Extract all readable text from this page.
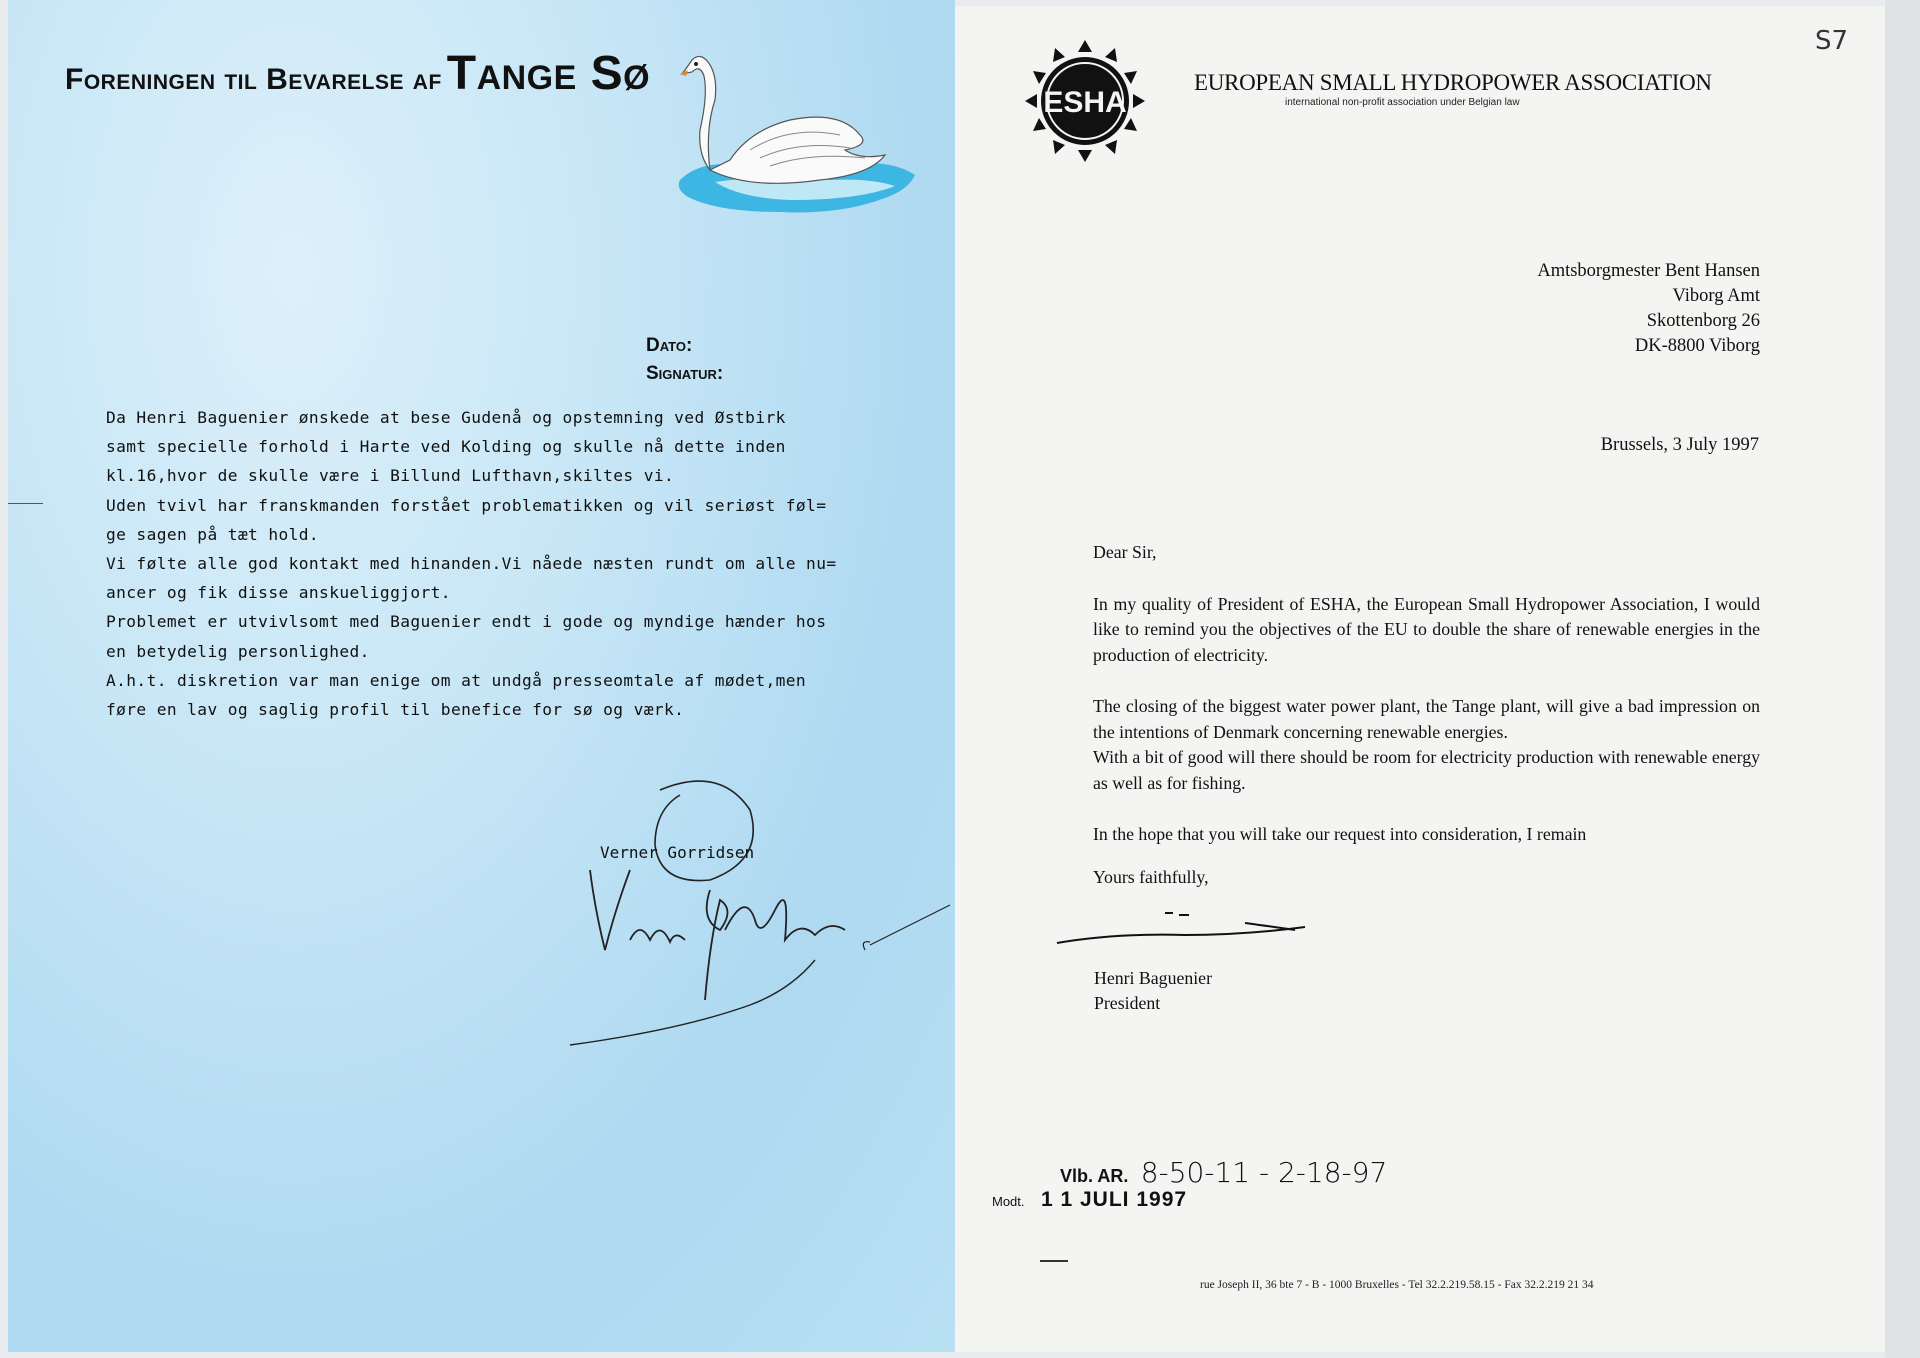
Foreningen til Bevarelse af Tange Sø
Dato:
Signatur:

Da Henri Baguenier ønskede at bese Gudenå og opstemning ved Østbirk

samt specielle forhold i Harte ved Kolding og skulle nå dette inden

kl.16,hvor de skulle være i Billund Lufthavn,skiltes vi.

Uden tvivl har franskmanden forstået problematikken og vil seriøst føl=

ge sagen på tæt hold.

Vi følte alle god kontakt med hinanden.Vi nåede næsten rundt om alle nu=

ancer og fik disse anskueliggjort.

Problemet er utvivlsomt med Baguenier endt i gode og myndige hænder hos

en betydelig personlighed.

A.h.t. diskretion var man enige om at undgå presseomtale af mødet,men

føre en lav og saglig profil til benefice for sø og værk.

Verner Gorridsen
ESHA
EUROPEAN SMALL HYDROPOWER ASSOCIATION
international non-profit association under Belgian law
S7
Amtsborgmester Bent Hansen
Viborg Amt
Skottenborg 26
DK-8800 Viborg
Brussels, 3 July 1997

Dear Sir,

In my quality of President of ESHA, the European Small Hydropower Association, I would like to remind you the objectives of the EU to double the share of renewable energies in the production of electricity.

The closing of the biggest water power plant, the Tange plant, will give a bad impression on the intentions of Denmark concerning renewable energies.

With a bit of good will there should be room for electricity production with renewable energy as well as for fishing.

In the hope that you will take our request into consideration, I remain

Yours faithfully,
Henri Baguenier
President
Vlb. AR. 8-50-11 - 2-18-97
Modt. 1 1 JULI 1997
rue Joseph II, 36 bte 7 - B - 1000 Bruxelles - Tel 32.2.219.58.15 - Fax 32.2.219 21 34
